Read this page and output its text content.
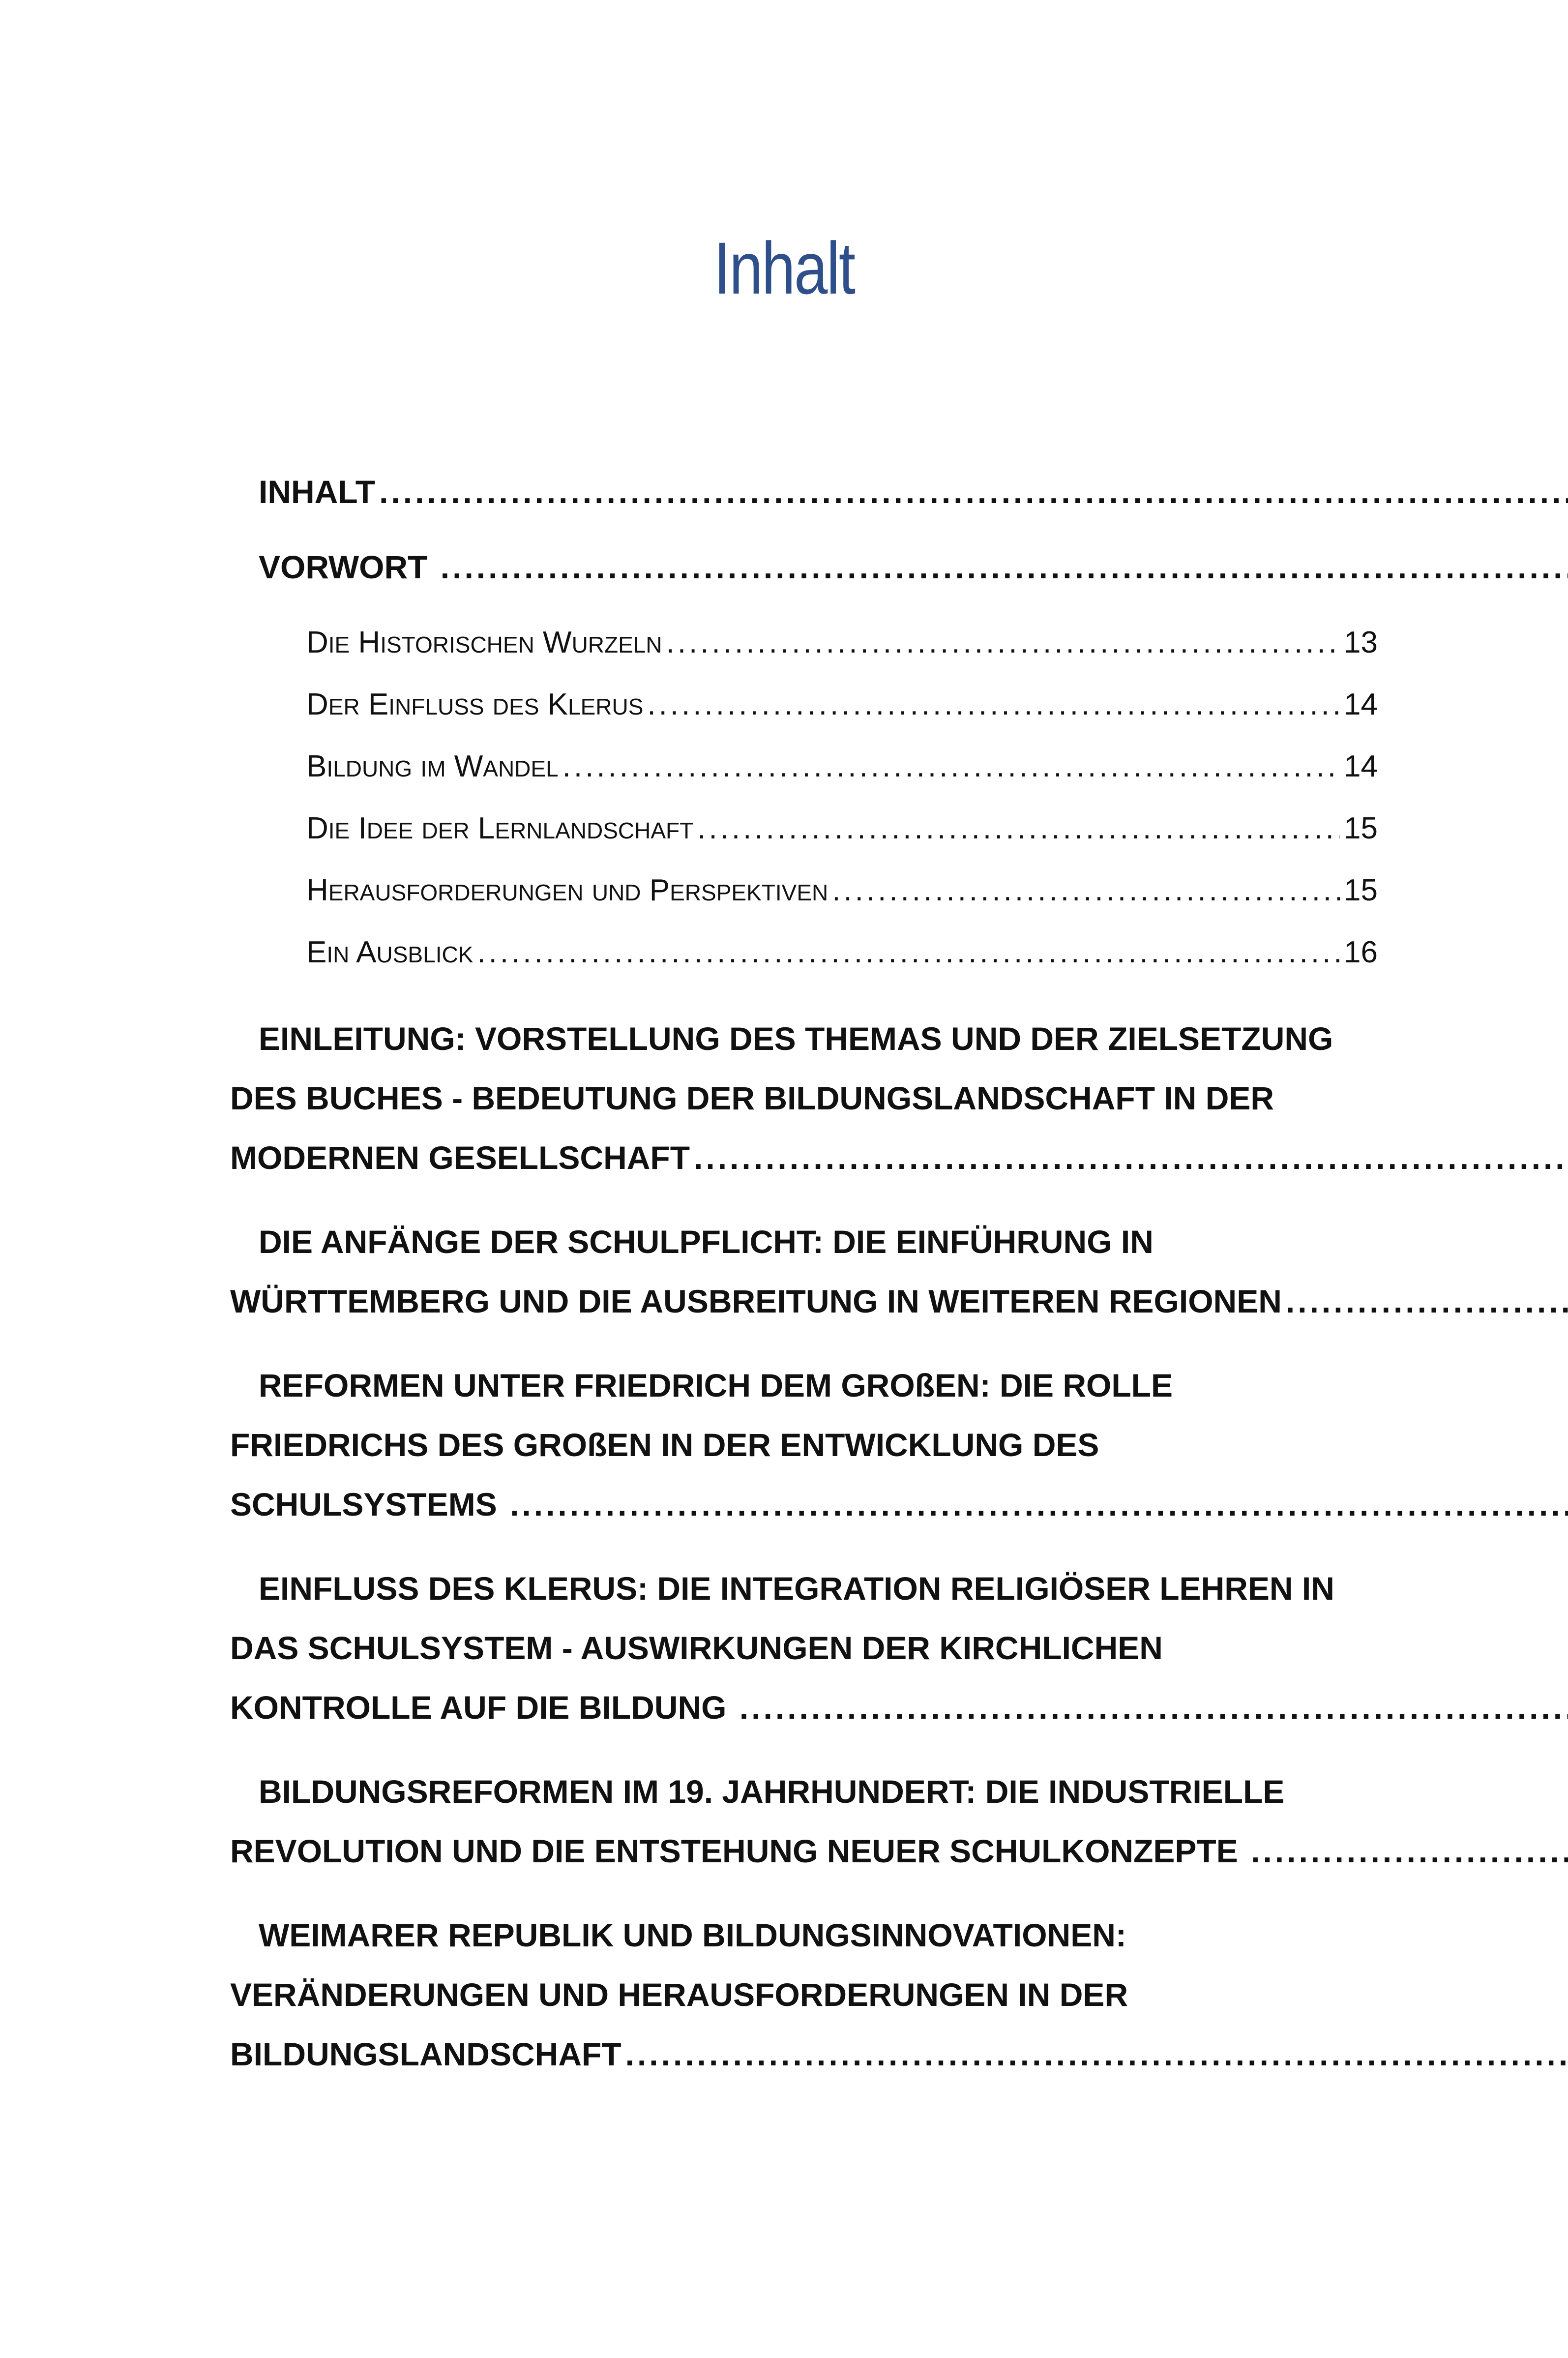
Inhalt
INHALT.....
VORWORT .....
DIE HISTORISCHEN WURZELN .....	13
DER EINFLUSS DES KLERUS .....	14
BILDUNG IM WANDEL .....	14
DIE IDEE DER LERNLANDSCHAFT .....	15
HERAUSFORDERUNGEN UND PERSPEKTIVEN .....	15
EIN AUSBLICK .....	16
EINLEITUNG: VORSTELLUNG DES THEMAS UND DER ZIELSETZUNG
DES BUCHES - BEDEUTUNG DER BILDUNGSLANDSCHAFT IN DER
MODERNEN GESELLSCHAFT.....
DIE ANFÄNGE DER SCHULPFLICHT: DIE EINFÜHRUNG IN
WÜRTTEMBERG UND DIE AUSBREITUNG IN WEITEREN REGIONEN.....
REFORMEN UNTER FRIEDRICH DEM GROßEN: DIE ROLLE
FRIEDRICHS DES GROßEN IN DER ENTWICKLUNG DES
SCHULSYSTEMS .....
EINFLUSS DES KLERUS: DIE INTEGRATION RELIGIÖSER LEHREN IN
DAS SCHULSYSTEM - AUSWIRKUNGEN DER KIRCHLICHEN
KONTROLLE AUF DIE BILDUNG .....
BILDUNGSREFORMEN IM 19. JAHRHUNDERT: DIE INDUSTRIELLE
REVOLUTION UND DIE ENTSTEHUNG NEUER SCHULKONZEPTE .....
WEIMARER REPUBLIK UND BILDUNGSINNOVATIONEN:
VERÄNDERUNGEN UND HERAUSFORDERUNGEN IN DER
BILDUNGSLANDSCHAFT.....
